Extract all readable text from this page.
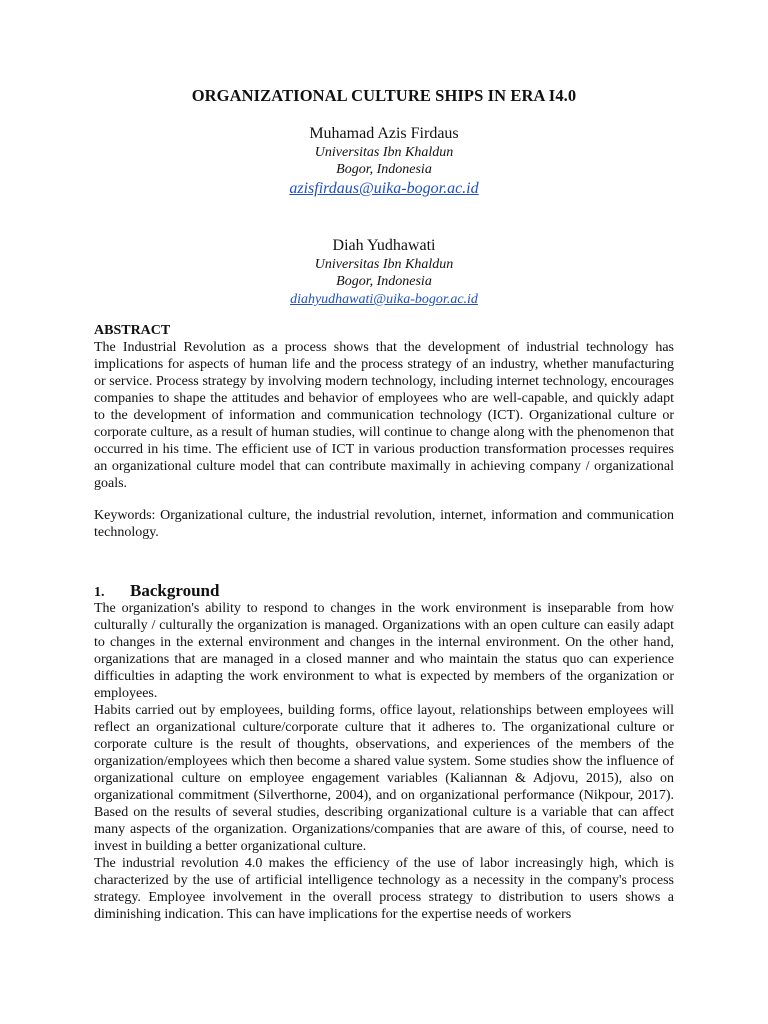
ORGANIZATIONAL CULTURE SHIPS IN ERA I4.0
Muhamad Azis Firdaus
Universitas Ibn Khaldun
Bogor, Indonesia
azisfirdaus@uika-bogor.ac.id
Diah Yudhawati
Universitas Ibn Khaldun
Bogor, Indonesia
diahyudhawati@uika-bogor.ac.id
ABSTRACT

The Industrial Revolution as a process shows that the development of industrial technology has implications for aspects of human life and the process strategy of an industry, whether manufacturing or service. Process strategy by involving modern technology, including internet technology, encourages companies to shape the attitudes and behavior of employees who are well-capable, and quickly adapt to the development of information and communication technology (ICT). Organizational culture or corporate culture, as a result of human studies, will continue to change along with the phenomenon that occurred in his time. The efficient use of ICT in various production transformation processes requires an organizational culture model that can contribute maximally in achieving company / organizational goals.

Keywords: Organizational culture, the industrial revolution, internet, information and communication technology.

1. Background

The organization's ability to respond to changes in the work environment is inseparable from how culturally / culturally the organization is managed. Organizations with an open culture can easily adapt to changes in the external environment and changes in the internal environment. On the other hand, organizations that are managed in a closed manner and who maintain the status quo can experience difficulties in adapting the work environment to what is expected by members of the organization or employees.

Habits carried out by employees, building forms, office layout, relationships between employees will reflect an organizational culture/corporate culture that it adheres to. The organizational culture or corporate culture is the result of thoughts, observations, and experiences of the members of the organization/employees which then become a shared value system. Some studies show the influence of organizational culture on employee engagement variables (Kaliannan & Adjovu, 2015), also on organizational commitment (Silverthorne, 2004), and on organizational performance (Nikpour, 2017). Based on the results of several studies, describing organizational culture is a variable that can affect many aspects of the organization. Organizations/companies that are aware of this, of course, need to invest in building a better organizational culture.

The industrial revolution 4.0 makes the efficiency of the use of labor increasingly high, which is characterized by the use of artificial intelligence technology as a necessity in the company's process strategy. Employee involvement in the overall process strategy to distribution to users shows a diminishing indication. This can have implications for the expertise needs of workers
